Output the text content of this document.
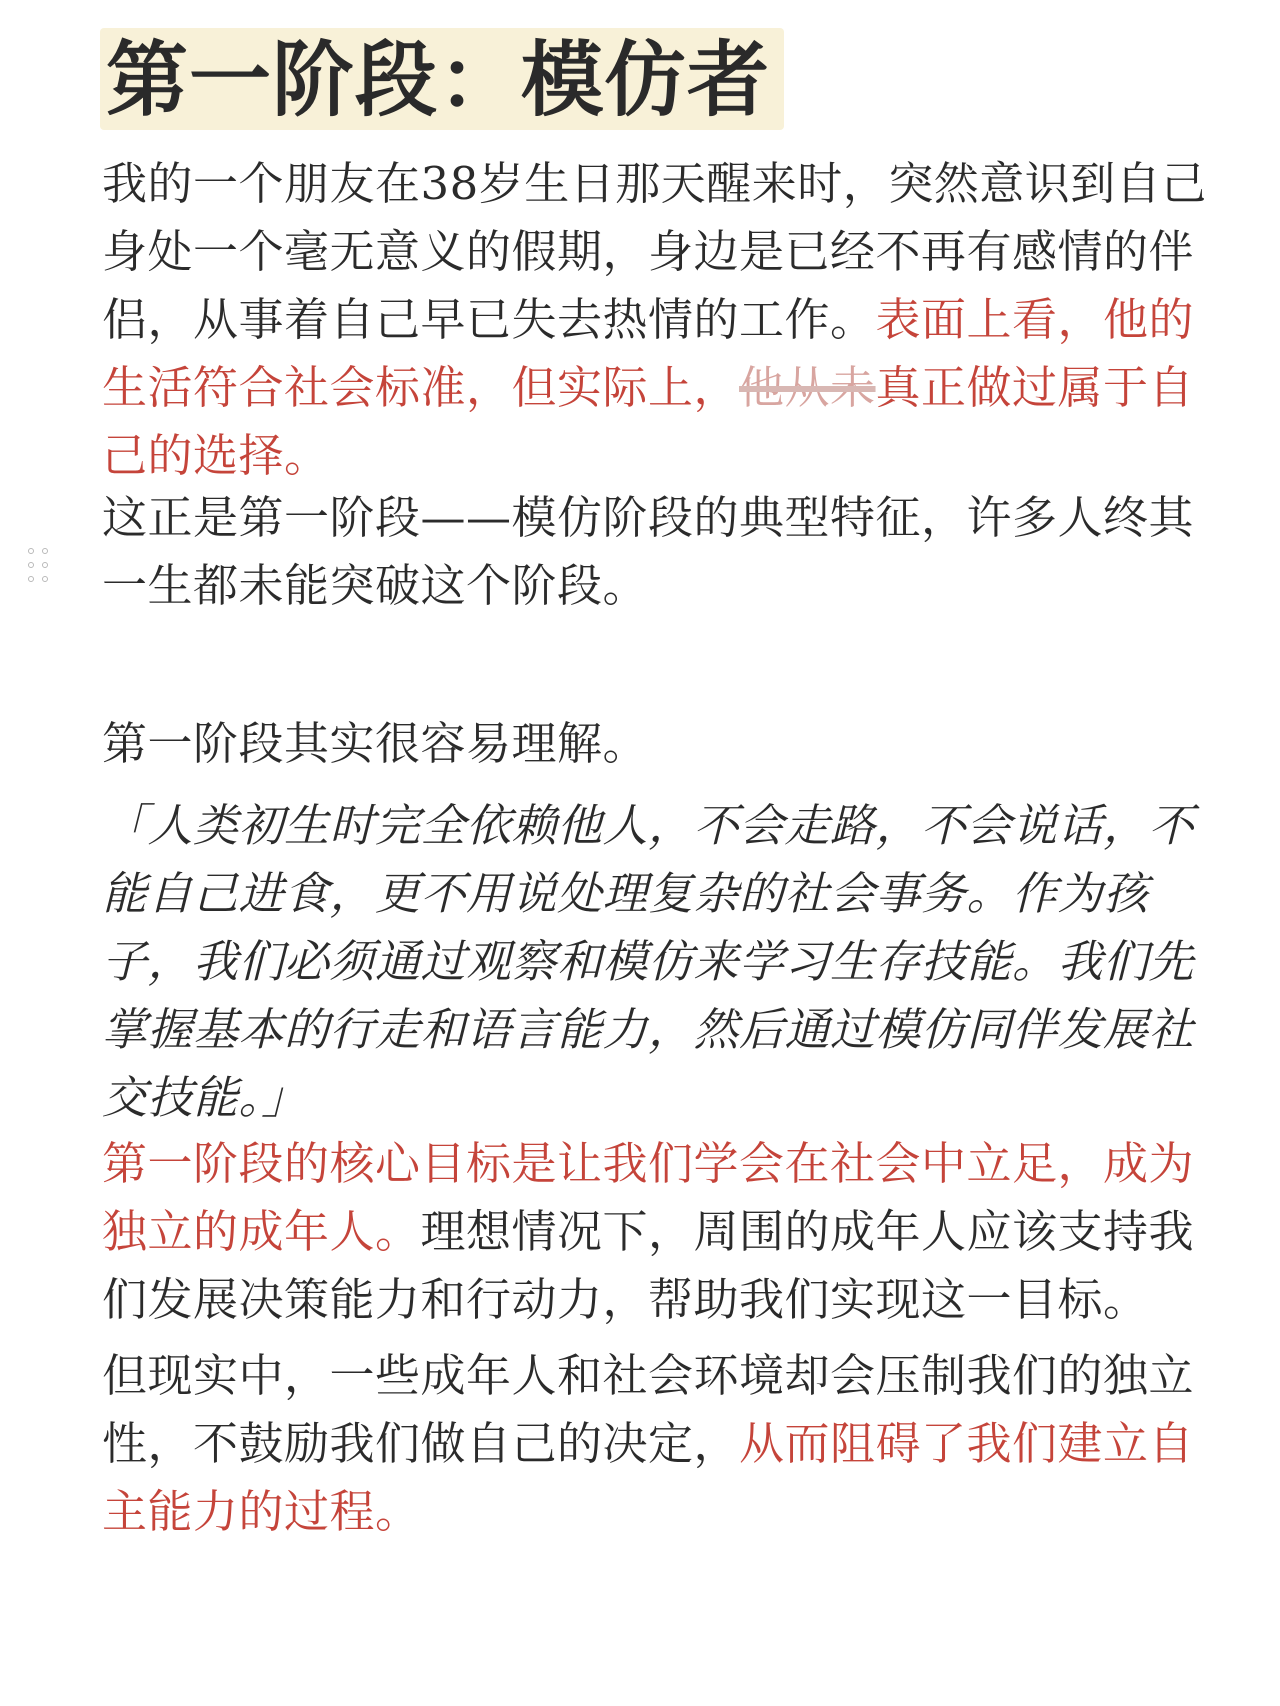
第一阶段：模仿者

我的一个朋友在38岁生日那天醒来时，突然意识到自己身处一个毫无意义的假期，身边是已经不再有感情的伴侣，从事着自己早已失去热情的工作。表面上看，他的生活符合社会标准，但实际上，他从未真正做过属于自己的选择。

这正是第一阶段——模仿阶段的典型特征，许多人终其一生都未能突破这个阶段。

第一阶段其实很容易理解。

「人类初生时完全依赖他人，不会走路，不会说话，不能自己进食，更不用说处理复杂的社会事务。作为孩子，我们必须通过观察和模仿来学习生存技能。我们先掌握基本的行走和语言能力，然后通过模仿同伴发展社交技能。」

第一阶段的核心目标是让我们学会在社会中立足，成为独立的成年人。理想情况下，周围的成年人应该支持我们发展决策能力和行动力，帮助我们实现这一目标。

但现实中，一些成年人和社会环境却会压制我们的独立性，不鼓励我们做自己的决定，从而阻碍了我们建立自主能力的过程。
